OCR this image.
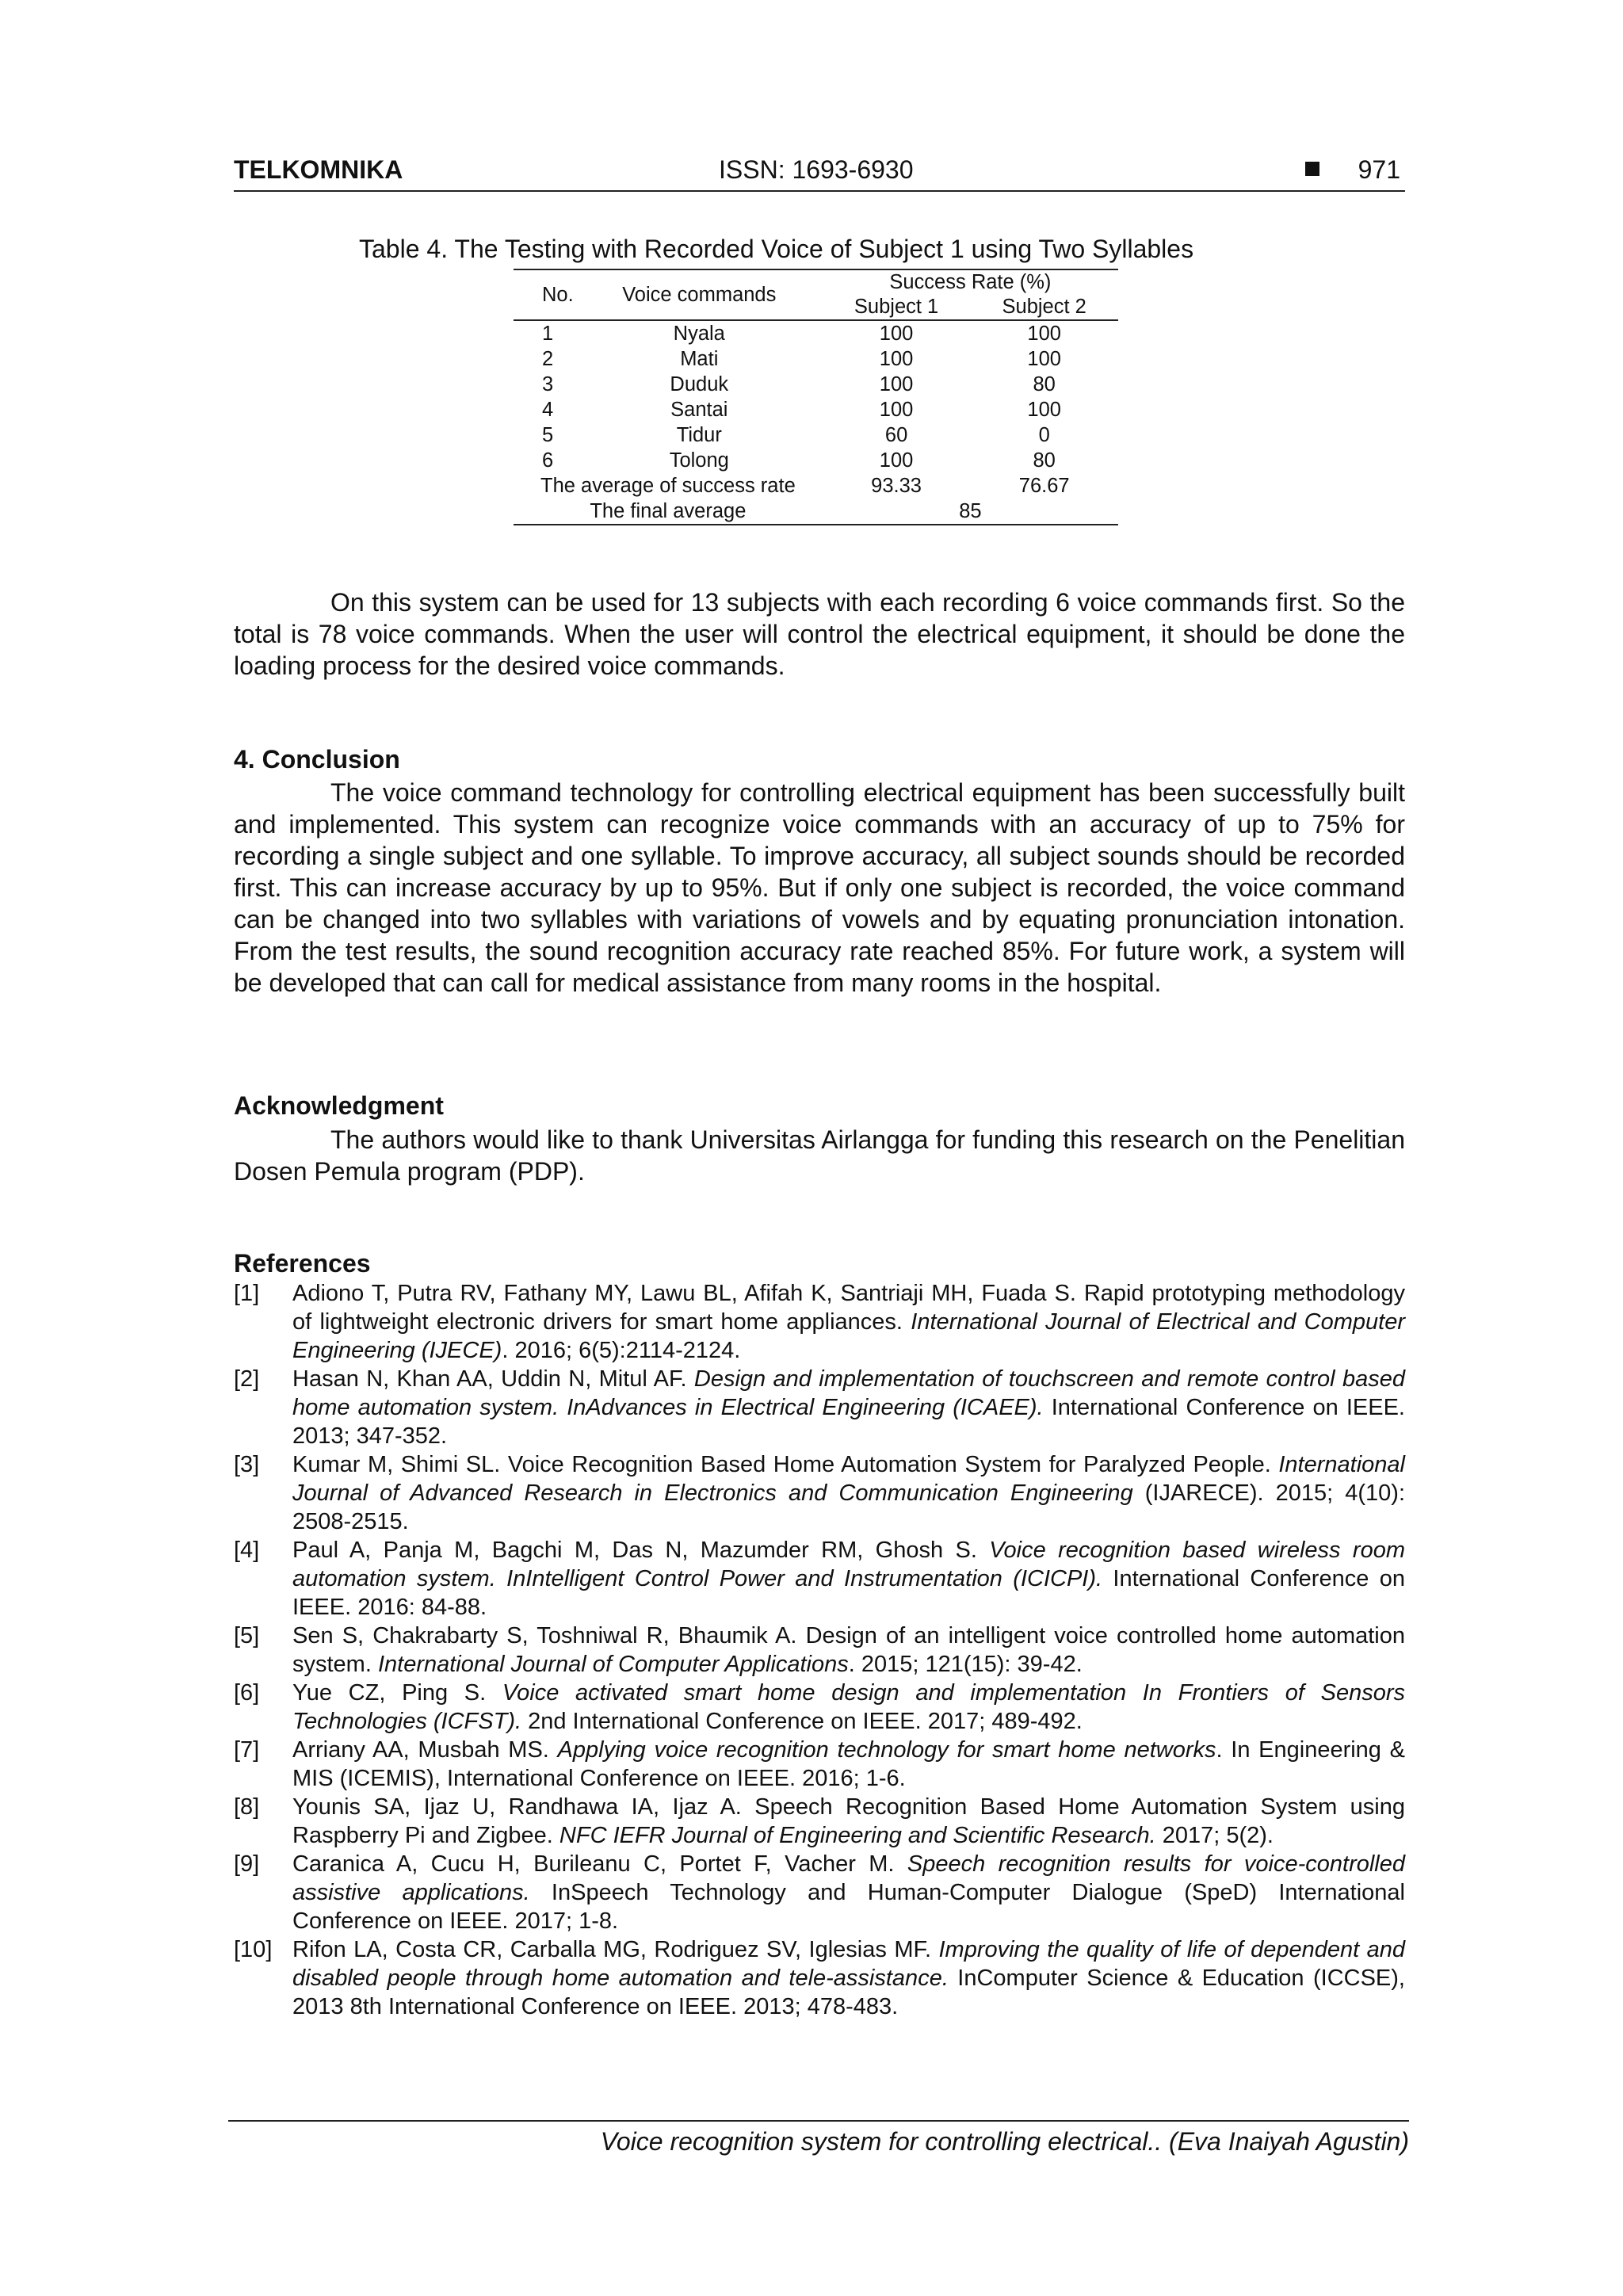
TELKOMNIKA	ISSN: 1693-6930	971
Table 4. The Testing with Recorded Voice of Subject 1 using Two Syllables
No.	Voice commands	Success Rate (%)	
		Subject 1	Subject 2
1	Nyala	100	100
2	Mati	100	100
3	Duduk	100	80
4	Santai	100	100
5	Tidur	60	0
6	Tolong	100	80
The average of success rate		93.33	76.67
The final average		85	

On this system can be used for 13 subjects with each recording 6 voice commands first. So the total is 78 voice commands. When the user will control the electrical equipment, it should be done the loading process for the desired voice commands.

4. Conclusion

The voice command technology for controlling electrical equipment has been successfully built and implemented. This system can recognize voice commands with an accuracy of up to 75% for recording a single subject and one syllable. To improve accuracy, all subject sounds should be recorded first. This can increase accuracy by up to 95%. But if only one subject is recorded, the voice command can be changed into two syllables with variations of vowels and by equating pronunciation intonation. From the test results, the sound recognition accuracy rate reached 85%. For future work, a system will be developed that can call for medical assistance from many rooms in the hospital.

Acknowledgment

The authors would like to thank Universitas Airlangga for funding this research on the Penelitian Dosen Pemula program (PDP).

References
[1] Adiono T, Putra RV, Fathany MY, Lawu BL, Afifah K, Santriaji MH, Fuada S. Rapid prototyping methodology of lightweight electronic drivers for smart home appliances. International Journal of Electrical and Computer Engineering (IJECE). 2016; 6(5):2114-2124.
[2] Hasan N, Khan AA, Uddin N, Mitul AF. Design and implementation of touchscreen and remote control based home automation system. InAdvances in Electrical Engineering (ICAEE). International Conference on IEEE. 2013; 347-352.
[3] Kumar M, Shimi SL. Voice Recognition Based Home Automation System for Paralyzed People. International Journal of Advanced Research in Electronics and Communication Engineering (IJARECE). 2015; 4(10): 2508-2515.
[4] Paul A, Panja M, Bagchi M, Das N, Mazumder RM, Ghosh S. Voice recognition based wireless room automation system. InIntelligent Control Power and Instrumentation (ICICPI). International Conference on IEEE. 2016: 84-88.
[5] Sen S, Chakrabarty S, Toshniwal R, Bhaumik A. Design of an intelligent voice controlled home automation system. International Journal of Computer Applications. 2015; 121(15): 39-42.
[6] Yue CZ, Ping S. Voice activated smart home design and implementation In Frontiers of Sensors Technologies (ICFST). 2nd International Conference on IEEE. 2017; 489-492.
[7] Arriany AA, Musbah MS. Applying voice recognition technology for smart home networks. In Engineering & MIS (ICEMIS), International Conference on IEEE. 2016; 1-6.
[8] Younis SA, Ijaz U, Randhawa IA, Ijaz A. Speech Recognition Based Home Automation System using Raspberry Pi and Zigbee. NFC IEFR Journal of Engineering and Scientific Research. 2017; 5(2).
[9] Caranica A, Cucu H, Burileanu C, Portet F, Vacher M. Speech recognition results for voice-controlled assistive applications. InSpeech Technology and Human-Computer Dialogue (SpeD) International Conference on IEEE. 2017; 1-8.
[10] Rifon LA, Costa CR, Carballa MG, Rodriguez SV, Iglesias MF. Improving the quality of life of dependent and disabled people through home automation and tele-assistance. InComputer Science & Education (ICCSE), 2013 8th International Conference on IEEE. 2013; 478-483.
Voice recognition system for controlling electrical.. (Eva Inaiyah Agustin)
